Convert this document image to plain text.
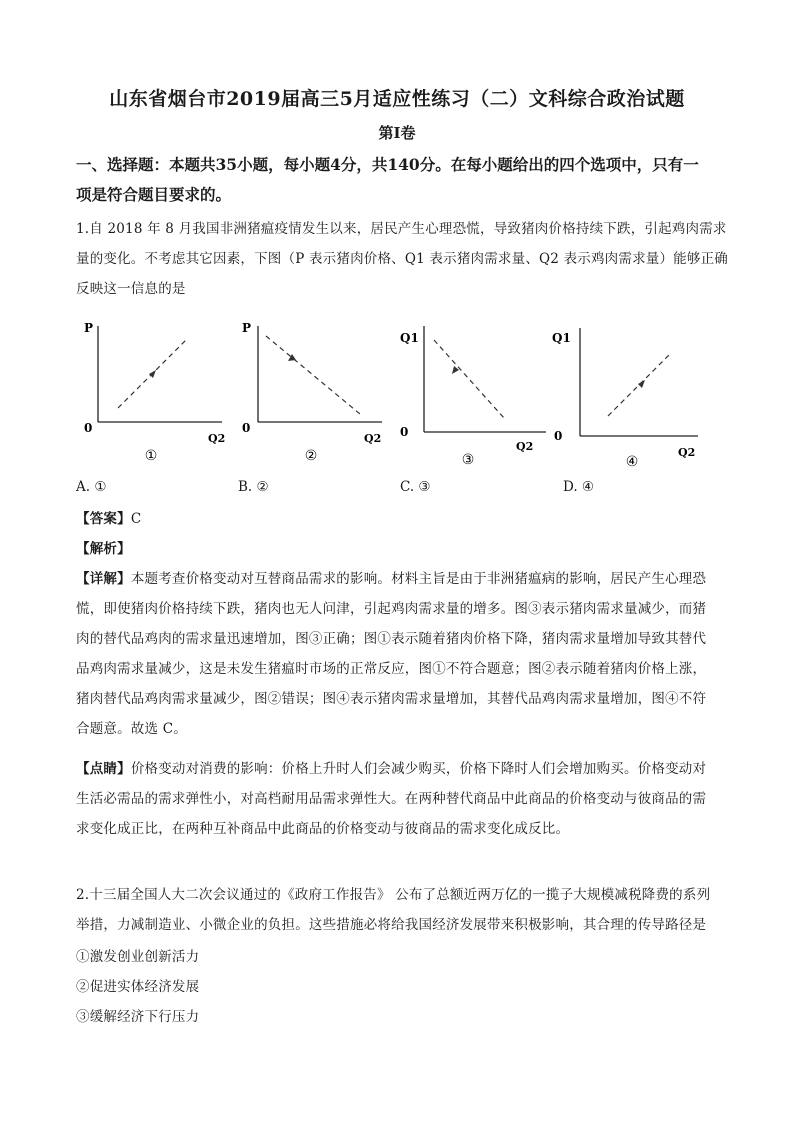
山东省烟台市2019届高三5月适应性练习（二）文科综合政治试题
第Ⅰ卷
一、选择题：本题共35小题，每小题4分，共140分。在每小题给出的四个选项中，只有一
项是符合题目要求的。
1.自 2018 年 8 月我国非洲猪瘟疫情发生以来，居民产生心理恐慌，导致猪肉价格持续下跌，引起鸡肉需求
量的变化。不考虑其它因素，下图（P 表示猪肉价格、Q1 表示猪肉需求量、Q2 表示鸡肉需求量）能够正确
反映这一信息的是
P
0
Q2
①
P
0
Q2
②
Q1
0
Q2
③
Q1
0
Q2
④
A. ①	B. ②	C. ③	D. ④
【答案】C
【解析】
【详解】本题考查价格变动对互替商品需求的影响。材料主旨是由于非洲猪瘟病的影响，居民产生心理恐
慌，即使猪肉价格持续下跌，猪肉也无人问津，引起鸡肉需求量的增多。图③表示猪肉需求量减少，而猪
肉的替代品鸡肉的需求量迅速增加，图③正确；图①表示随着猪肉价格下降，猪肉需求量增加导致其替代
品鸡肉需求量减少，这是未发生猪瘟时市场的正常反应，图①不符合题意；图②表示随着猪肉价格上涨，
猪肉替代品鸡肉需求量减少，图②错误；图④表示猪肉需求量增加，其替代品鸡肉需求量增加，图④不符
合题意。故选 C。
【点睛】价格变动对消费的影响：价格上升时人们会减少购买，价格下降时人们会增加购买。价格变动对
生活必需品的需求弹性小，对高档耐用品需求弹性大。在两种替代商品中此商品的价格变动与彼商品的需
求变化成正比，在两种互补商品中此商品的价格变动与彼商品的需求变化成反比。
2.十三届全国人大二次会议通过的《政府工作报告》 公布了总额近两万亿的一揽子大规模减税降费的系列
举措，力减制造业、小微企业的负担。这些措施必将给我国经济发展带来积极影响，其合理的传导路径是
①激发创业创新活力
②促进实体经济发展
③缓解经济下行压力
